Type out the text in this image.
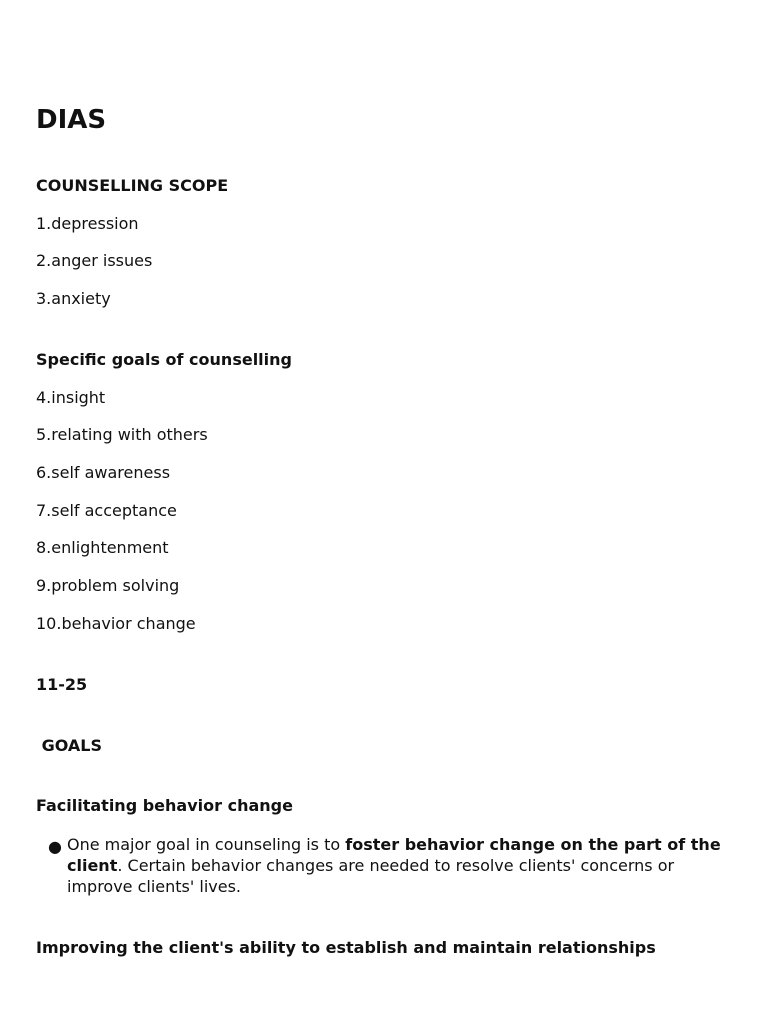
DIAS

COUNSELLING SCOPE

1.depression

2.anger issues

3.anxiety

Specific goals of counselling

4.insight

5.relating with others

6.self awareness

7.self acceptance

8.enlightenment

9.problem solving

10.behavior change

11-25

GOALS

Facilitating behavior change

● One major goal in counseling is to foster behavior change on the part of the client. Certain behavior changes are needed to resolve clients' concerns or improve clients' lives.

Improving the client's ability to establish and maintain relationships
